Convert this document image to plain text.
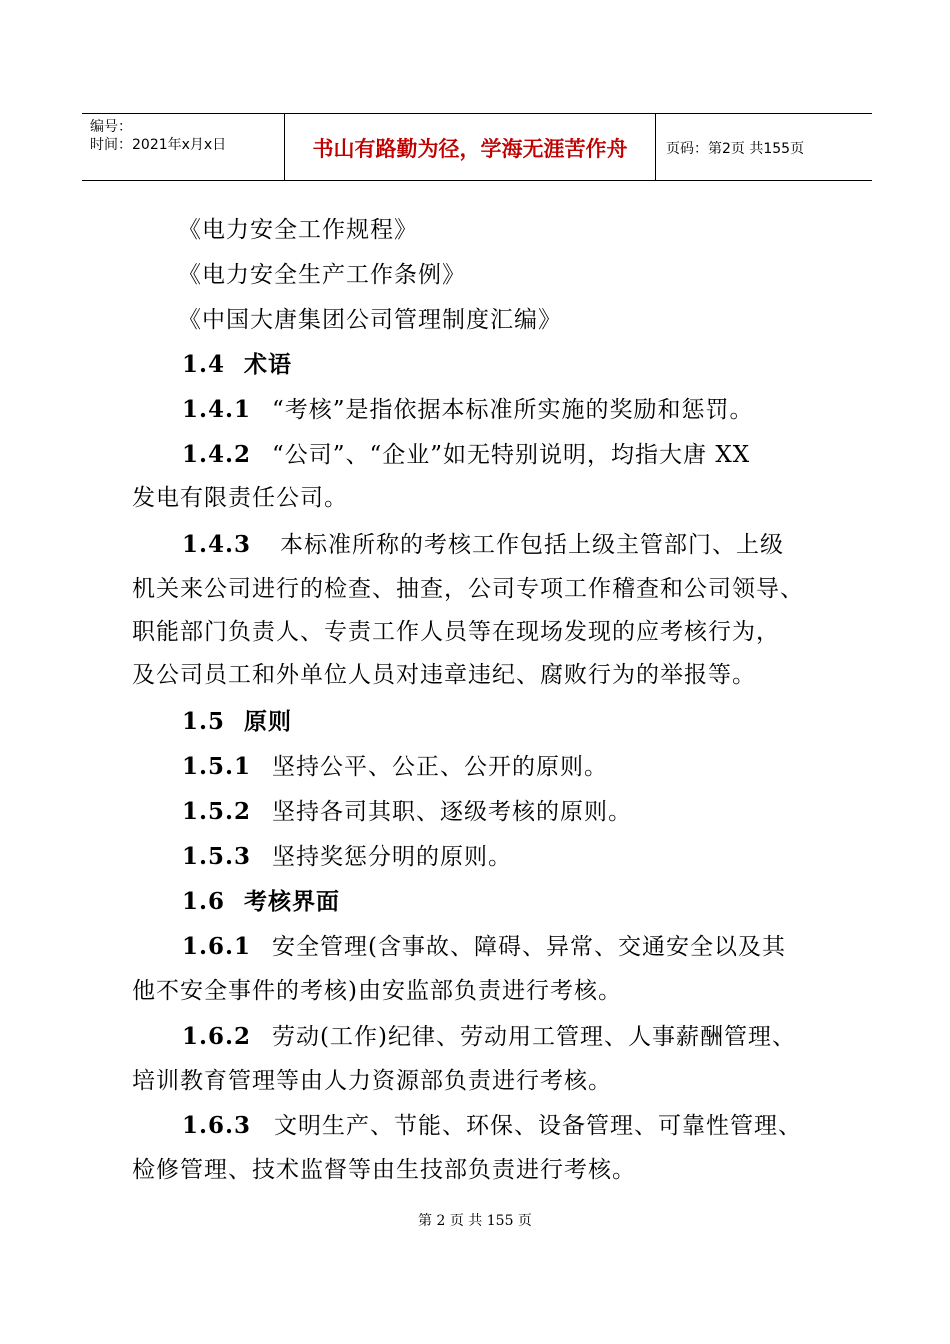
编号：
时间：2021年x月x日	书山有路勤为径，学海无涯苦作舟	页码：第2页 共155页
《电力安全工作规程》
《电力安全生产工作条例》
《中国大唐集团公司管理制度汇编》
1.4 术语
1.4.1 “考核”是指依据本标准所实施的奖励和惩罚。
1.4.2 “公司”、“企业”如无特别说明，均指大唐 XX
发电有限责任公司。
1.4.3 本标准所称的考核工作包括上级主管部门、上级
机关来公司进行的检查、抽查，公司专项工作稽查和公司领导、
职能部门负责人、专责工作人员等在现场发现的应考核行为，
及公司员工和外单位人员对违章违纪、腐败行为的举报等。
1.5 原则
1.5.1 坚持公平、公正、公开的原则。
1.5.2 坚持各司其职、逐级考核的原则。
1.5.3 坚持奖惩分明的原则。
1.6 考核界面
1.6.1 安全管理(含事故、障碍、异常、交通安全以及其
他不安全事件的考核)由安监部负责进行考核。
1.6.2 劳动(工作)纪律、劳动用工管理、人事薪酬管理、
培训教育管理等由人力资源部负责进行考核。
1.6.3 文明生产、节能、环保、设备管理、可靠性管理、
检修管理、技术监督等由生技部负责进行考核。
第 2 页 共 155 页
